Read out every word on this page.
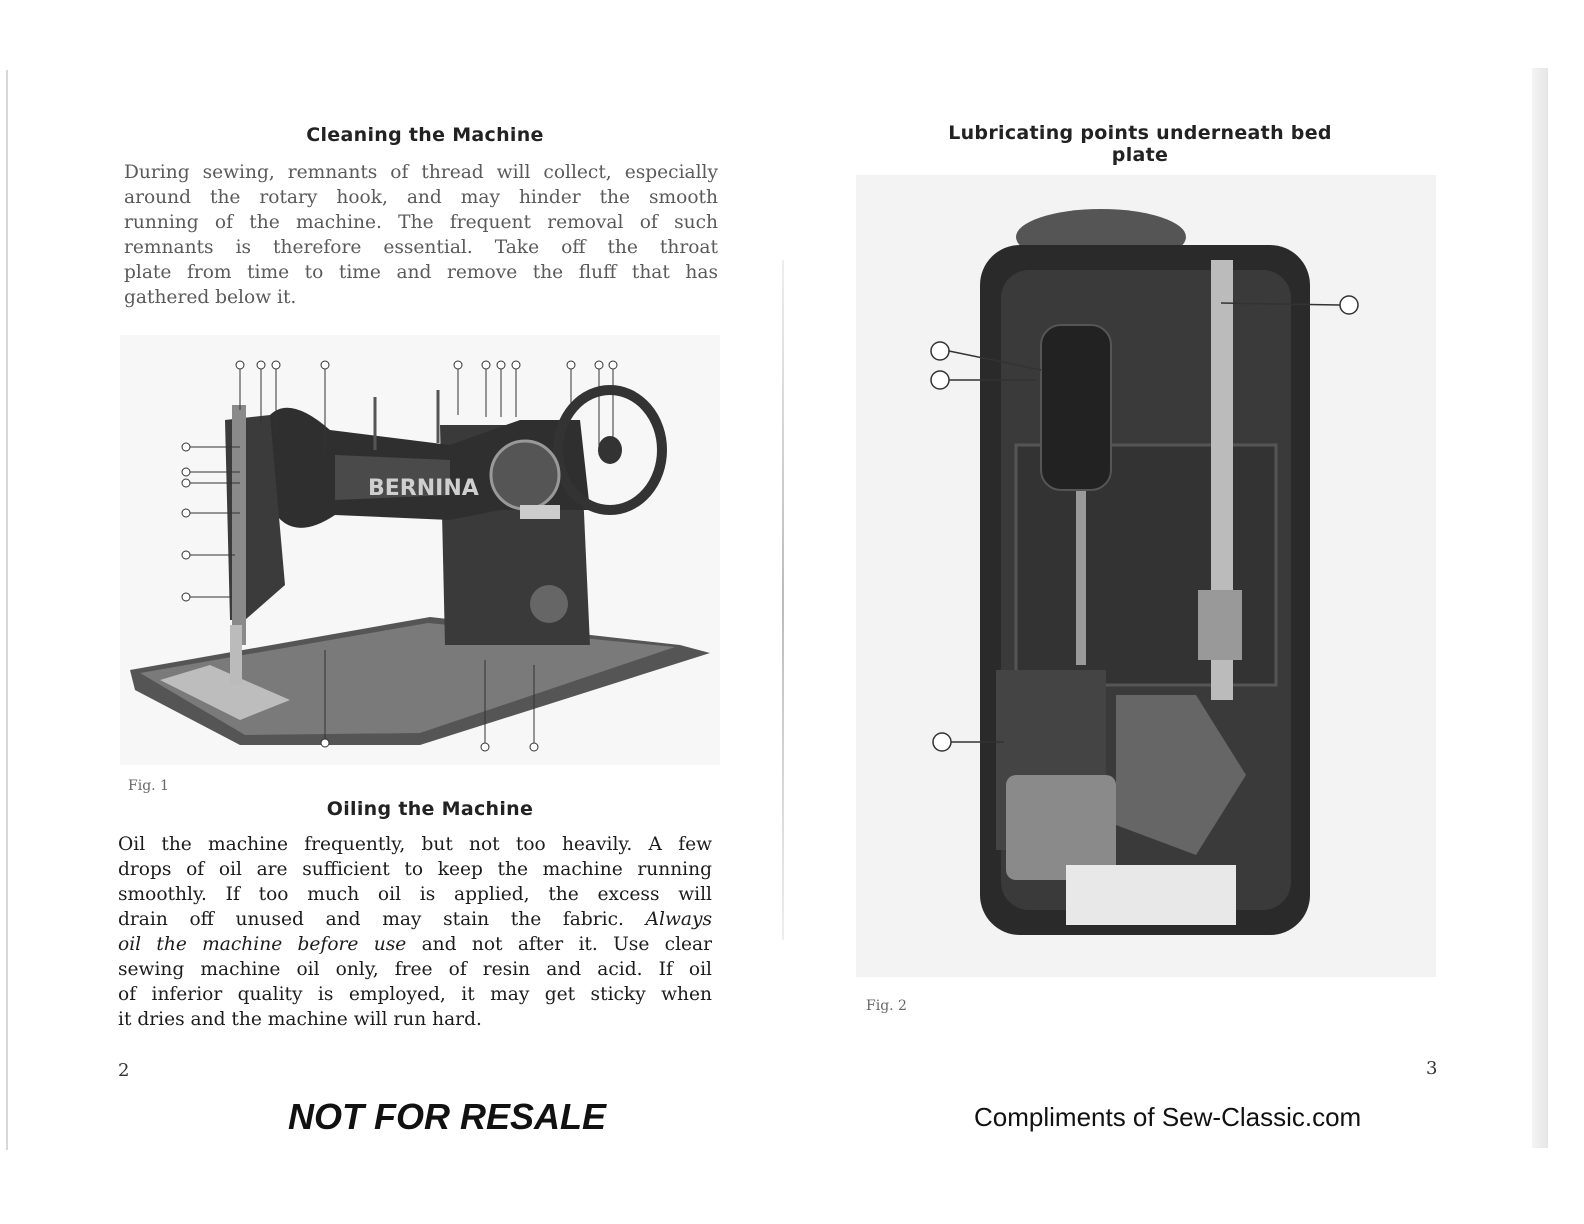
Cleaning the Machine
During sewing, remnants of thread will collect, especially
around the rotary hook, and may hinder the smooth
running of the machine. The frequent removal of such
remnants is therefore essential. Take off the throat
plate from time to time and remove the fluff that has
gathered below it.
BERNINA
Fig. 1
Oiling the Machine
Oil the machine frequently, but not too heavily. A few
drops of oil are sufficient to keep the machine running
smoothly. If too much oil is applied, the excess will
drain off unused and may stain the fabric. Always
oil the machine before use and not after it. Use clear
sewing machine oil only, free of resin and acid. If oil
of inferior quality is employed, it may get sticky when
it dries and the machine will run hard.
2
NOT FOR RESALE
Lubricating points underneath bed plate
Fig. 2
3
Compliments of Sew-Classic.com
